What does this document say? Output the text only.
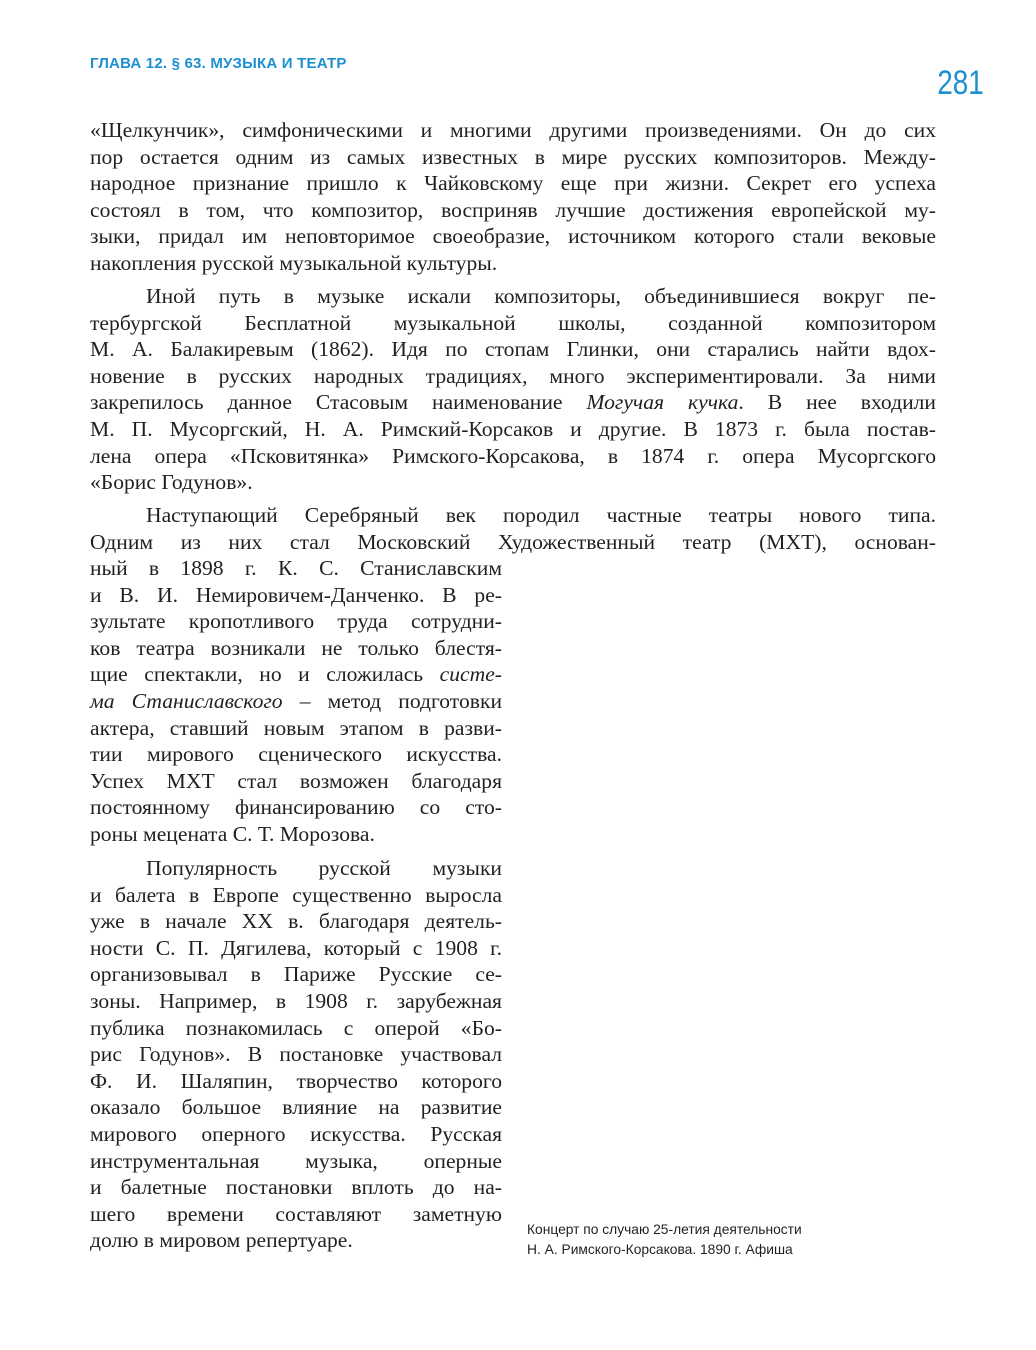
ГЛАВА 12. § 63. МУЗЫКА И ТЕАТР
281
«Щелкунчик», симфоническими и многими другими произведениями. Он до сих
пор остается одним из самых известных в мире русских композиторов. Между-
народное признание пришло к Чайковскому еще при жизни. Секрет его успеха
состоял в том, что композитор, восприняв лучшие достижения европейской му-
зыки, придал им неповторимое своеобразие, источником которого стали вековые
накопления русской музыкальной культуры.
Иной путь в музыке искали композиторы, объединившиеся вокруг пе-
тербургской Бесплатной музыкальной школы, созданной композитором
М. А. Балакиревым (1862). Идя по стопам Глинки, они старались найти вдох-
новение в русских народных традициях, много экспериментировали. За ними
закрепилось данное Стасовым наименование Могучая кучка. В нее входили
М. П. Мусоргский, Н. А. Римский-Корсаков и другие. В 1873 г. была постав-
лена опера «Псковитянка» Римского-Корсакова, в 1874 г. опера Мусоргского
«Борис Годунов».
Наступающий Серебряный век породил частные театры нового типа.
Одним из них стал Московский Художественный театр (МХТ), основан-
ный в 1898 г. К. С. Станиславским
и В. И. Немировичем-Данченко. В ре-
зультате кропотливого труда сотрудни-
ков театра возникали не только блестя-
щие спектакли, но и сложилась систе-
ма Станиславского – метод подготовки
актера, ставший новым этапом в разви-
тии мирового сценического искусства.
Успех МХТ стал возможен благодаря
постоянному финансированию со сто-
роны мецената С. Т. Морозова.
Популярность русской музыки
и балета в Европе существенно выросла
уже в начале XX в. благодаря деятель-
ности С. П. Дягилева, который с 1908 г.
организовывал в Париже Русские се-
зоны. Например, в 1908 г. зарубежная
публика познакомилась с оперой «Бо-
рис Годунов». В постановке участвовал
Ф. И. Шаляпин, творчество которого
оказало большое влияние на развитие
мирового оперного искусства. Русская
инструментальная музыка, оперные
и балетные постановки вплоть до на-
шего времени составляют заметную
долю в мировом репертуаре.	Концерт по случаю 25-летия деятельности
Н. А. Римского-Корсакова. 1890 г. Афиша
